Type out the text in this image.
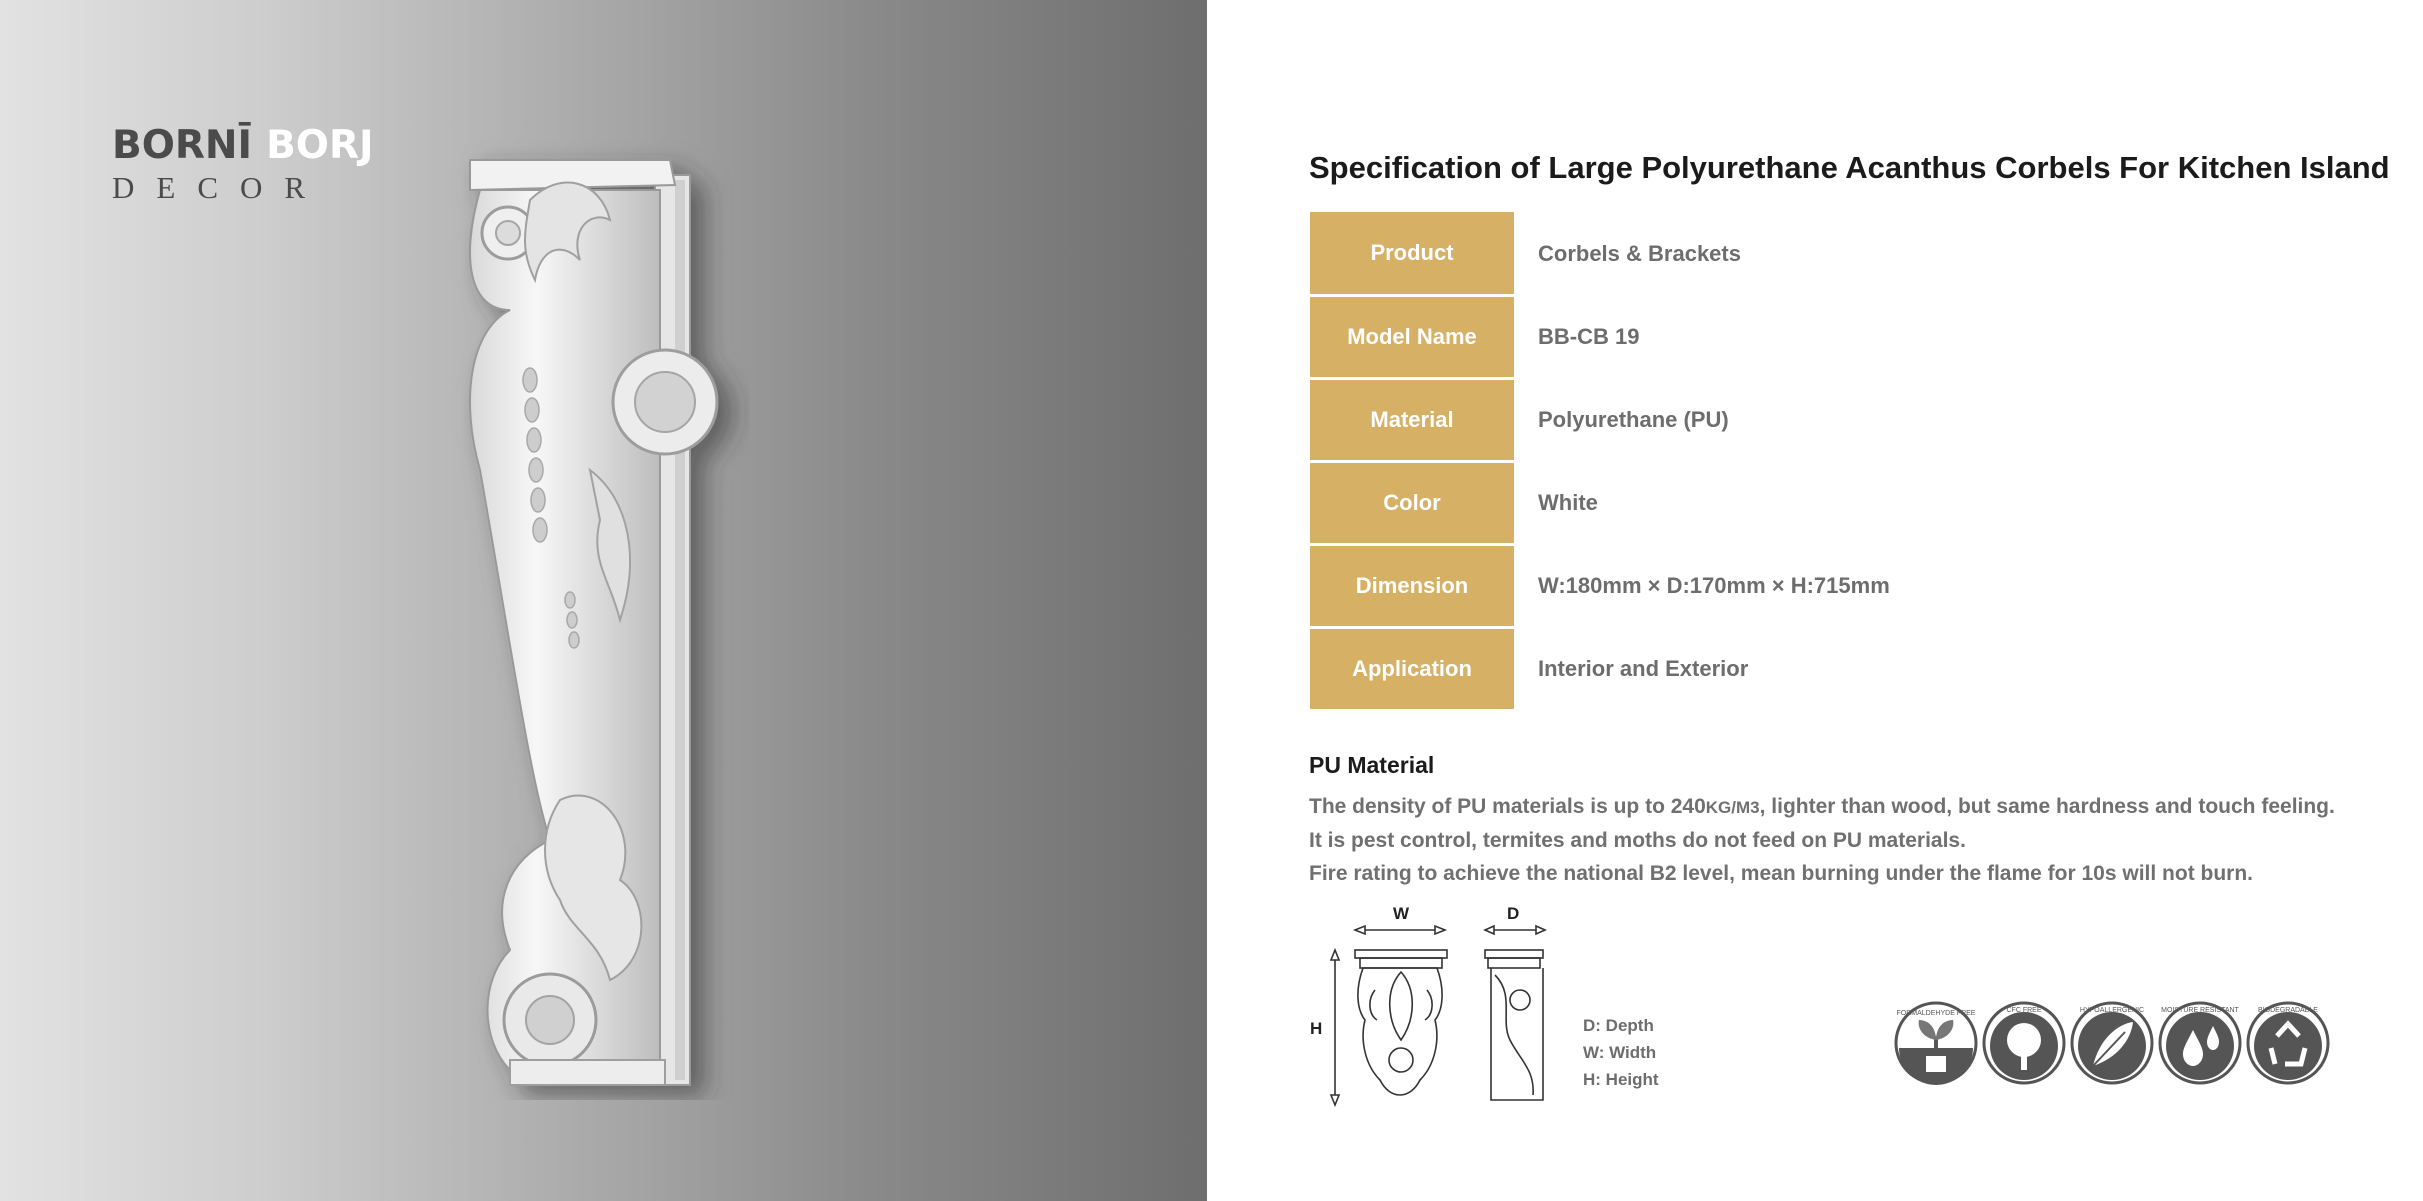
BORNĪ BORJ
DECOR
Specification of Large Polyurethane Acanthus Corbels For Kitchen Island
Product	Corbels & Brackets
Model Name	BB-CB 19
Material	Polyurethane (PU)
Color	White
Dimension	W:180mm × D:170mm × H:715mm
Application	Interior and Exterior
PU Material
The density of PU materials is up to 240KG/M3, lighter than wood, but same hardness and touch feeling.
It is pest control, termites and moths do not feed on PU materials.
Fire rating to achieve the national B2 level, mean burning under the flame for 10s will not burn.
W	D
H	D: Depth
W: Width
H: Height
FORMALDEHYDE FREE	CFC FREE	HYPOALLERGENIC MOISTURE RESISTANT	BIODEGRADABLE
